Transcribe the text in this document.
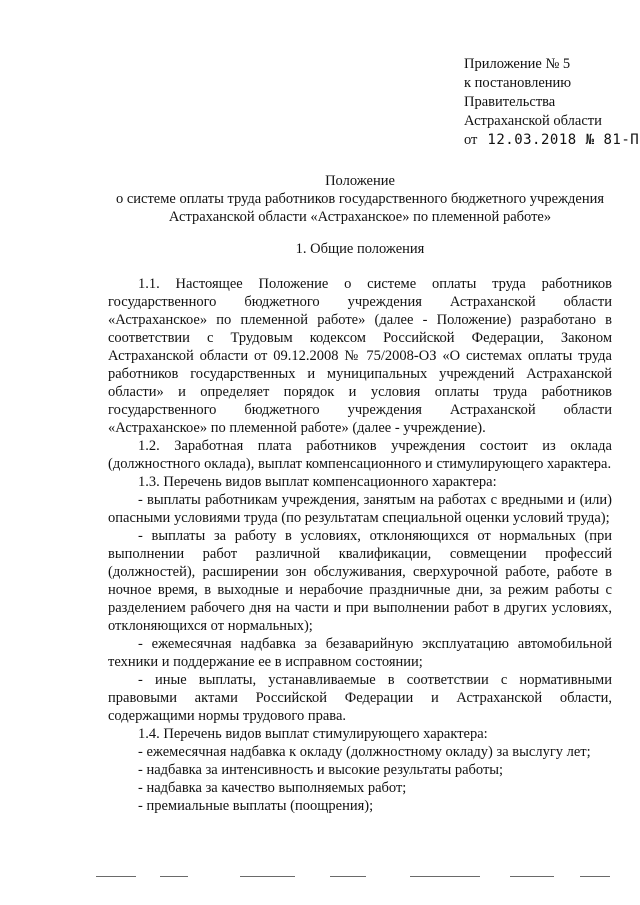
Приложение № 5
к постановлению
Правительства
Астраханской области
от 12.03.2018 № 81-П
Положение
о системе оплаты труда работников государственного бюджетного учреждения Астраханской области «Астраханское» по племенной работе»
1. Общие положения

1.1. Настоящее Положение о системе оплаты труда работников государственного бюджетного учреждения Астраханской области «Астраханское» по племенной работе» (далее - Положение) разработано в соответствии с Трудовым кодексом Российской Федерации, Законом Астраханской области от 09.12.2008 № 75/2008-ОЗ «О системах оплаты труда работников государственных и муниципальных учреждений Астраханской области» и определяет порядок и условия оплаты труда работников государственного бюджетного учреждения Астраханской области «Астраханское» по племенной работе» (далее - учреждение).

1.2. Заработная плата работников учреждения состоит из оклада (должностного оклада), выплат компенсационного и стимулирующего характера.

1.3. Перечень видов выплат компенсационного характера:

- выплаты работникам учреждения, занятым на работах с вредными и (или) опасными условиями труда (по результатам специальной оценки условий труда);

- выплаты за работу в условиях, отклоняющихся от нормальных (при выполнении работ различной квалификации, совмещении профессий (должностей), расширении зон обслуживания, сверхурочной работе, работе в ночное время, в выходные и нерабочие праздничные дни, за режим работы с разделением рабочего дня на части и при выполнении работ в других условиях, отклоняющихся от нормальных);

- ежемесячная надбавка за безаварийную эксплуатацию автомобильной техники и поддержание ее в исправном состоянии;

- иные выплаты, устанавливаемые в соответствии с нормативными правовыми актами Российской Федерации и Астраханской области, содержащими нормы трудового права.

1.4. Перечень видов выплат стимулирующего характера:

- ежемесячная надбавка к окладу (должностному окладу) за выслугу лет;

- надбавка за интенсивность и высокие результаты работы;

- надбавка за качество выполняемых работ;

- премиальные выплаты (поощрения);
